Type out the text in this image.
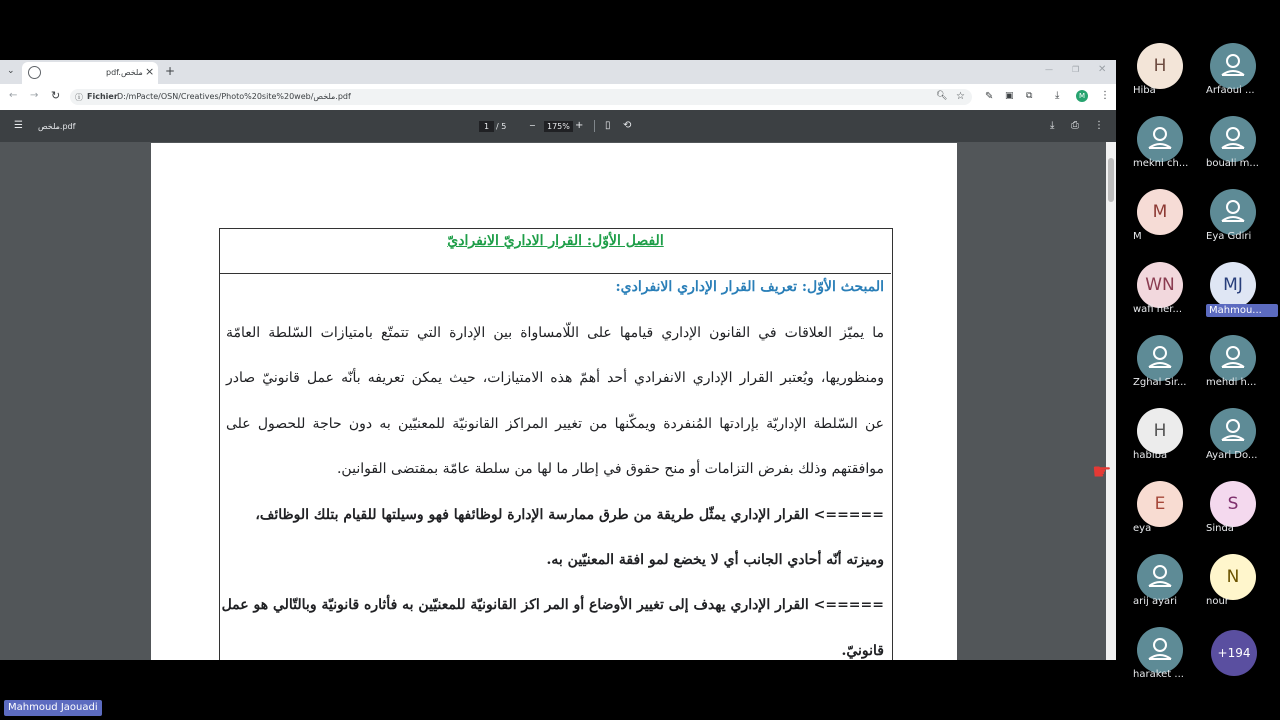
⌄	pdf.ملخص × +	— ❐ ✕
← → ↻ ⓘ Fichier D:/mPacte/OSN/Creatives/Photo%20site%20web/ملخص.pdf	🔍︎ ☆ ✎ ▣ ⧉ ⤓	M ⋮
☰ ملخص.pdf	1 / 5	−	175% + ▯ ⟲	⤓ ⎙ ⋮
الفصل الأوّل: القرار الاداريّ الانفراديّ
المبحث الأوّل: تعريف القرار الإداري الانفرادي:
ما يميّز العلاقات في القانون الإداري قيامها على اللّامساواة بين الإدارة التي تتمتّع بامتيازات السّلطة العامّة
ومنظوريها، ويُعتبر القرار الإداري الانفرادي أحد أهمّ هذه الامتيازات، حيث يمكن تعريفه بأنّه عمل قانونيّ صادر
عن السّلطة الإداريّة بإرادتها المُنفردة ويمكّنها من تغيير المراكز القانونيّة للمعنيّين به دون حاجة للحصول على
موافقتهم وذلك بفرض التزامات أو منح حقوق في إطار ما لها من سلطة عامّة بمقتضى القوانين.
=====> القرار الإداري يمثّل طريقة من طرق ممارسة الإدارة لوظائفها فهو وسيلتها للقيام بتلك الوظائف،
وميزته أنّه أحادي الجانب أي لا يخضع لمو افقة المعنيّين به.
=====> القرار الإداري يهدف إلى تغيير الأوضاع أو المر اكز القانونيّة للمعنيّين به فأثاره قانونيّة وبالتّالي هو عمل
قانونيّ.
☛
Mahmoud Jaouadi
H
Hiba	Arfaoui ...
mekni ch...	bouali m...
M
M	Eya Gdiri
WN
wafi ner...
MJ
Mahmou...
Zghal Sir...	mehdi h...
H
habiba	Ayari Do...
E
eya
S
Sinda
arij ayari
N
nour
haraket ...
+194
